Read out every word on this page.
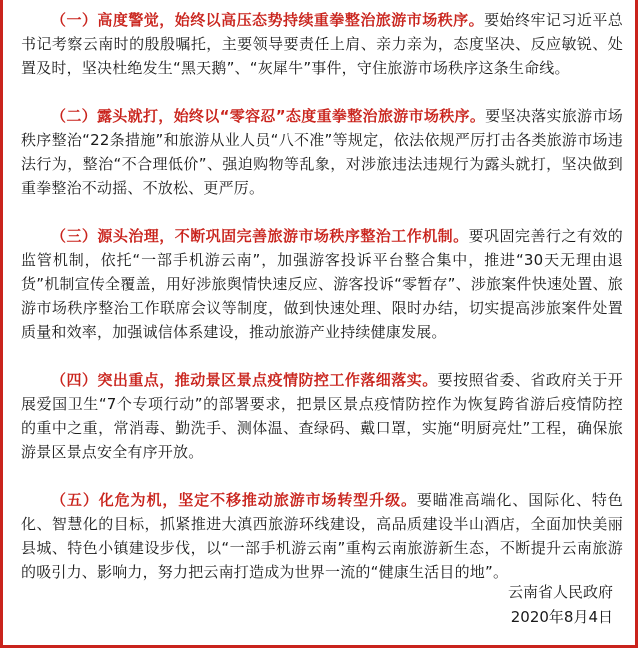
（一）高度警觉，始终以高压态势持续重拳整治旅游市场秩序。要始终牢记习近平总书记考察云南时的殷殷嘱托，主要领导要责任上肩、亲力亲为，态度坚决、反应敏锐、处置及时，坚决杜绝发生“黑天鹅”、“灰犀牛”事件，守住旅游市场秩序这条生命线。

（二）露头就打，始终以“零容忍”态度重拳整治旅游市场秩序。要坚决落实旅游市场秩序整治“22条措施”和旅游从业人员“八不准”等规定，依法依规严厉打击各类旅游市场违法行为，整治“不合理低价”、强迫购物等乱象，对涉旅违法违规行为露头就打，坚决做到重拳整治不动摇、不放松、更严厉。

（三）源头治理，不断巩固完善旅游市场秩序整治工作机制。要巩固完善行之有效的监管机制，依托“一部手机游云南”，加强游客投诉平台整合集中，推进“30天无理由退货”机制宣传全覆盖，用好涉旅舆情快速反应、游客投诉“零暂存”、涉旅案件快速处置、旅游市场秩序整治工作联席会议等制度，做到快速处理、限时办结，切实提高涉旅案件处置质量和效率，加强诚信体系建设，推动旅游产业持续健康发展。

（四）突出重点，推动景区景点疫情防控工作落细落实。要按照省委、省政府关于开展爱国卫生“7个专项行动”的部署要求，把景区景点疫情防控作为恢复跨省游后疫情防控的重中之重，常消毒、勤洗手、测体温、查绿码、戴口罩，实施“明厨亮灶”工程，确保旅游景区景点安全有序开放。

（五）化危为机，坚定不移推动旅游市场转型升级。要瞄准高端化、国际化、特色化、智慧化的目标，抓紧推进大滇西旅游环线建设，高品质建设半山酒店，全面加快美丽县城、特色小镇建设步伐，以“一部手机游云南”重构云南旅游新生态，不断提升云南旅游的吸引力、影响力，努力把云南打造成为世界一流的“健康生活目的地”。

云南省人民政府
2020年8月4日
